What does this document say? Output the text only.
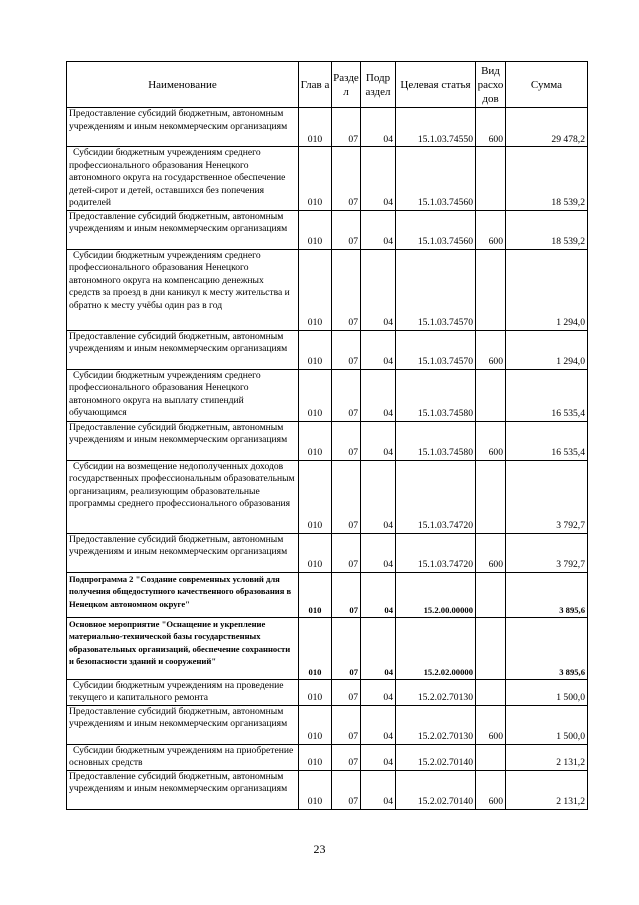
Наименование	Глав а	Разде л	Подр аздел	Целевая статья	Вид расхо дов	Сумма
Предоставление субсидий бюджетным, автономным учреждениям и иным некоммерческим организациям	010	07	04	15.1.03.74550	600	29 478,2
Субсидии бюджетным учреждениям среднего профессионального образования Ненецкого автономного округа на государственное обеспечение детей-сирот и детей, оставшихся без попечения родителей	010	07	04	15.1.03.74560		18 539,2
Предоставление субсидий бюджетным, автономным учреждениям и иным некоммерческим организациям	010	07	04	15.1.03.74560	600	18 539,2
Субсидии бюджетным учреждениям среднего профессионального образования Ненецкого автономного округа на компенсацию денежных средств за проезд в дни каникул к месту жительства и обратно к месту учёбы один раз в год	010	07	04	15.1.03.74570		1 294,0
Предоставление субсидий бюджетным, автономным учреждениям и иным некоммерческим организациям	010	07	04	15.1.03.74570	600	1 294,0
Субсидии бюджетным учреждениям среднего профессионального образования Ненецкого автономного округа на выплату стипендий обучающимся	010	07	04	15.1.03.74580		16 535,4
Предоставление субсидий бюджетным, автономным учреждениям и иным некоммерческим организациям	010	07	04	15.1.03.74580	600	16 535,4
Субсидии на возмещение недополученных доходов государственных профессиональным образовательным организациям, реализующим образовательные программы среднего профессионального образования	010	07	04	15.1.03.74720		3 792,7
Предоставление субсидий бюджетным, автономным учреждениям и иным некоммерческим организациям	010	07	04	15.1.03.74720	600	3 792,7
Подпрограмма 2 "Создание современных условий для получения общедоступного качественного образования в Ненецком автономном округе"	010	07	04	15.2.00.00000		3 895,6
Основное мероприятие "Оснащение и укрепление материально-технической базы государственных образовательных организаций, обеспечение сохранности и безопасности зданий и сооружений"	010	07	04	15.2.02.00000		3 895,6
Субсидии бюджетным учреждениям на проведение текущего и капитального ремонта	010	07	04	15.2.02.70130		1 500,0
Предоставление субсидий бюджетным, автономным учреждениям и иным некоммерческим организациям	010	07	04	15.2.02.70130	600	1 500,0
Субсидии бюджетным учреждениям на приобретение основных средств	010	07	04	15.2.02.70140		2 131,2
Предоставление субсидий бюджетным, автономным учреждениям и иным некоммерческим организациям	010	07	04	15.2.02.70140	600	2 131,2
23
